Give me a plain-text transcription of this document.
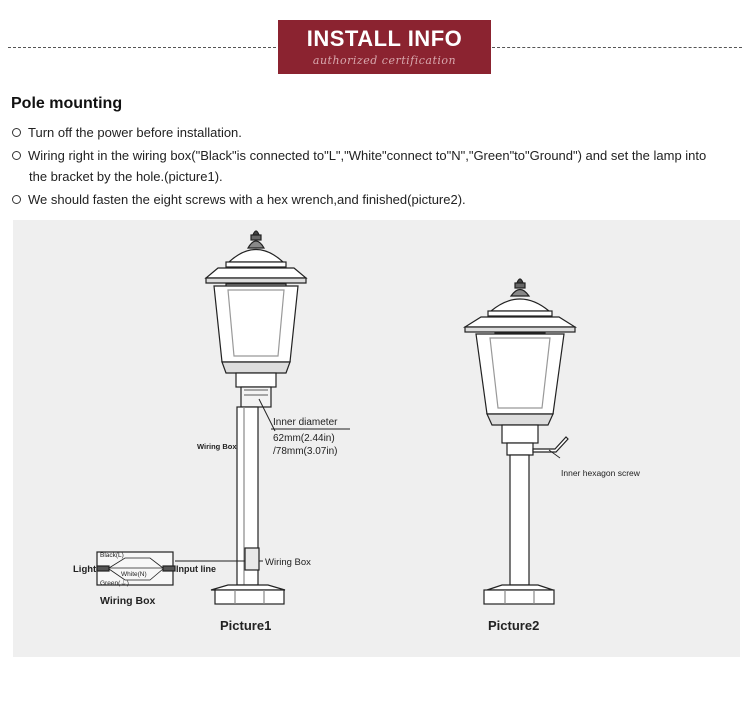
INSTALL INFO
authorized certification
Pole mounting
Turn off the power before installation.
Wiring right in the wiring box("Black"is connected to"L","White"connect to"N","Green"to"Ground") and set the lamp into
the bracket by the hole.(picture1).
We should fasten the eight screws with a hex wrench,and finished(picture2).
Wiring Box
Inner diameter
62mm(2.44in)
/78mm(3.07in)
Wiring Box
Light	Input line
Black(L)
White(N)
Green(⏚)
Wiring Box
Picture1
Inner hexagon screw
Picture2
